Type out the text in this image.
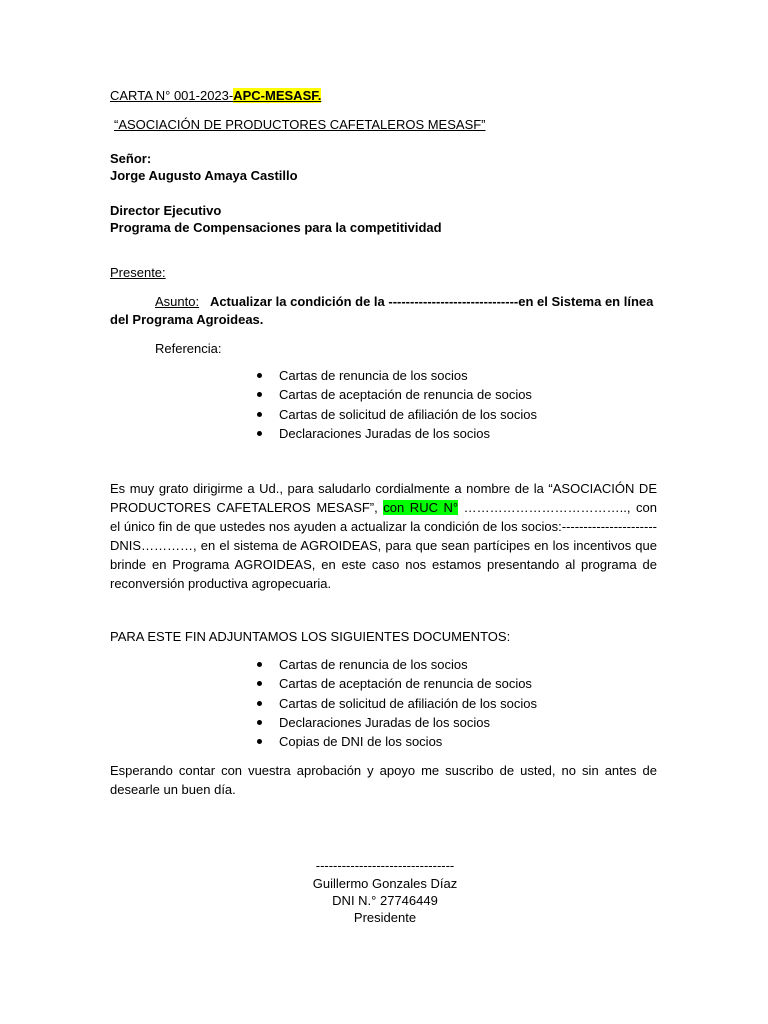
CARTA N° 001-2023-APC-MESASF.
“ASOCIACIÓN DE PRODUCTORES CAFETALEROS MESASF”
Señor:
Jorge Augusto Amaya Castillo
Director Ejecutivo
Programa de Compensaciones para la competitividad
Presente:
Asunto: Actualizar la condición de la ------------------------------en el Sistema en línea
del Programa Agroideas.
Referencia:
Cartas de renuncia de los socios
Cartas de aceptación de renuncia de socios
Cartas de solicitud de afiliación de los socios
Declaraciones Juradas de los socios
Es muy grato dirigirme a Ud., para saludarlo cordialmente a nombre de la “ASOCIACIÓN DE PRODUCTORES CAFETALEROS MESASF”, con RUC N° ……………………………….., con el único fin de que ustedes nos ayuden a actualizar la condición de los socios:---------------------- DNIS…………, en el sistema de AGROIDEAS, para que sean partícipes en los incentivos que brinde en Programa AGROIDEAS, en este caso nos estamos presentando al programa de reconversión productiva agropecuaria.
PARA ESTE FIN ADJUNTAMOS LOS SIGUIENTES DOCUMENTOS:
Cartas de renuncia de los socios
Cartas de aceptación de renuncia de socios
Cartas de solicitud de afiliación de los socios
Declaraciones Juradas de los socios
Copias de DNI de los socios
Esperando contar con vuestra aprobación y apoyo me suscribo de usted, no sin antes de desearle un buen día.
--------------------------------
Guillermo Gonzales Díaz
DNI N.° 27746449
Presidente
